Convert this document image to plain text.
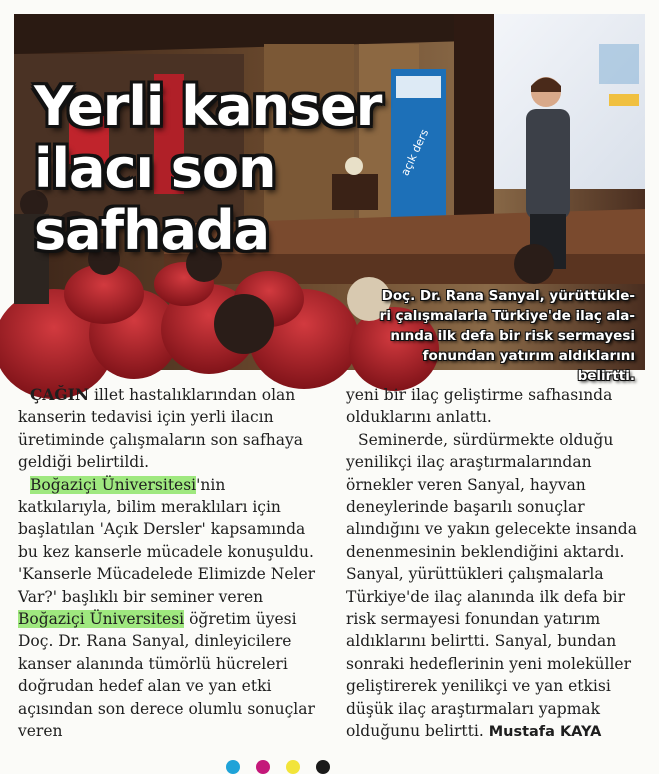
açık ders
Yerli kanser
ilacı son
safhada

Doç. Dr. Rana Sanyal, yürüttükle-
ri çalışmalarla Türkiye'de ilaç ala-
nında ilk defa bir risk sermayesi
fonundan yatırım aldıklarını belirtti.

ÇAĞIN illet hastalıklarından olan kanserin tedavisi için yerli ilacın üretiminde çalışmaların son safhaya geldiği belirtildi.

Boğaziçi Üniversitesi'nin katkılarıyla, bilim meraklıları için başlatılan 'Açık Dersler' kapsamında bu kez kanserle mücadele konuşuldu. 'Kanserle Mücadelede Elimizde Neler Var?' başlıklı bir seminer veren Boğaziçi Üniversitesi öğretim üyesi Doç. Dr. Rana Sanyal, dinleyicilere kanser alanında tümörlü hücreleri doğrudan hedef alan ve yan etki açısından son derece olumlu sonuçlar veren

yeni bir ilaç geliştirme safhasında olduklarını anlattı.

Seminerde, sürdürmekte olduğu yenilikçi ilaç araştırmalarından örnekler veren Sanyal, hayvan deneylerinde başarılı sonuçlar alındığını ve yakın gelecekte insanda denenmesinin beklendiğini aktardı. Sanyal, yürüttükleri çalışmalarla Türkiye'de ilaç alanında ilk defa bir risk sermayesi fonundan yatırım aldıklarını belirtti. Sanyal, bundan sonraki hedeflerinin yeni moleküller geliştirerek yenilikçi ve yan etkisi düşük ilaç araştırmaları yapmak olduğunu belirtti. Mustafa KAYA
